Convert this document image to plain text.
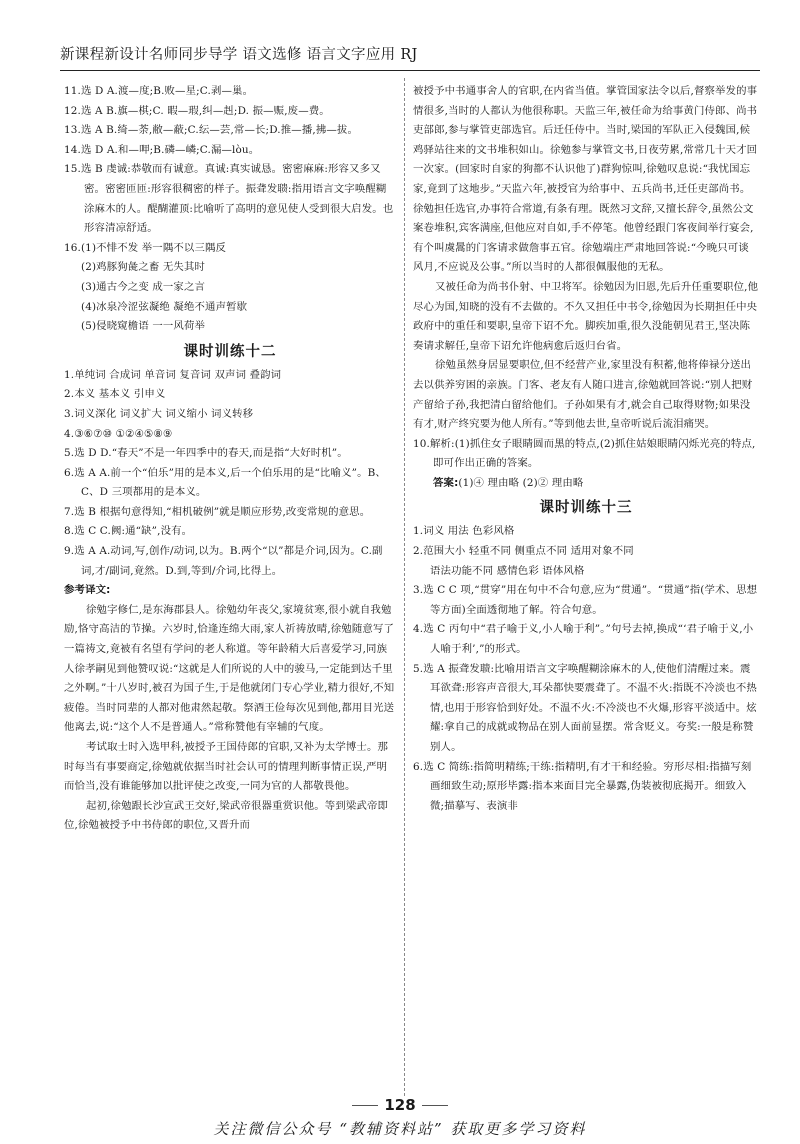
新课程新设计名师同步导学 语文选修 语言文字应用 RJ

11.选 D A.渡—度;B.败—星;C.剥—巢。

12.选 A B.旗—棋;C. 暇—瑕,纠—赳;D. 振—赈,废—费。

13.选 A B.绮—荼,敝—蔽;C.纭—芸,常—长;D.推—播,拂—拔。

14.选 D A.和—呷;B.磷—嶙;C.漏—lòu。

15.选 B 虔诚:恭敬而有诚意。真诚:真实诚恳。密密麻麻:形容又多又密。密密匝匝:形容很稠密的样子。振聋发聩:指用语言文字唤醒糊涂麻木的人。醍醐灌顶:比喻听了高明的意见使人受到很大启发。也形容清凉舒适。

16.(1)不悱不发 举一隅不以三隅反

(2)鸡豚狗彘之畜 无失其时

(3)通古今之变 成一家之言

(4)冰泉冷涩弦凝绝 凝绝不通声暂歇

(5)侵晓窥檐语 一一风荷举

课时训练十二

1.单纯词 合成词 单音词 复音词 双声词 叠韵词

2.本义 基本义 引申义

3.词义深化 词义扩大 词义缩小 词义转移

4.③⑥⑦⑩ ①②④⑤⑧⑨

5.选 D D.“春天”不是一年四季中的春天,而是指“大好时机”。

6.选 A A.前一个“伯乐”用的是本义,后一个伯乐用的是“比喻义”。B、C、D 三项都用的是本义。

7.选 B 根据句意得知,“相机破例”就是顺应形势,改变常规的意思。

8.选 C C.阙:通“缺”,没有。

9.选 A A.动词,写,创作/动词,以为。B.两个“以”都是介词,因为。C.副词,才/副词,竟然。D.到,等到/介词,比得上。

参考译文:

徐勉字修仁,是东海郡县人。徐勉幼年丧父,家境贫寒,很小就自我勉励,恪守高洁的节操。六岁时,恰逢连绵大雨,家人祈祷放晴,徐勉随意写了一篇祷文,竟被有名望有学问的老人称道。等年龄稍大后喜爱学习,同族人徐孝嗣见到他赞叹说:“这就是人们所说的人中的骏马,一定能到达千里之外啊。”十八岁时,被召为国子生,于是他就闭门专心学业,精力很好,不知疲倦。当时同辈的人都对他肃然起敬。祭酒王俭每次见到他,都用目光送他离去,说:“这个人不是普通人。”常称赞他有宰辅的气度。

考试取士时入选甲科,被授予王国侍郎的官职,又补为太学博士。那时每当有事要商定,徐勉就依据当时社会认可的情理判断事情正误,严明而恰当,没有谁能够加以批评使之改变,一同为官的人都敬畏他。

起初,徐勉跟长沙宣武王交好,梁武帝很器重赏识他。等到梁武帝即位,徐勉被授予中书侍郎的职位,又晋升而

被授予中书通事舍人的官职,在内省当值。掌管国家法令以后,督察举发的事情很多,当时的人都认为他很称职。天监三年,被任命为给事黄门侍郎、尚书吏部郎,参与掌管吏部选官。后迁任侍中。当时,梁国的军队正入侵魏国,候鸡驿站往来的文书堆积如山。徐勉参与掌管文书,日夜劳累,常常几十天才回一次家。(回家时自家的狗都不认识他了)群狗惊叫,徐勉叹息说:“我忧国忘家,竟到了这地步。”天监六年,被授官为给事中、五兵尚书,迁任吏部尚书。徐勉担任选官,办事符合常道,有条有理。既然习文辞,又擅长辞令,虽然公文案卷堆积,宾客满座,但他应对自如,手不停笔。他曾经跟门客夜间举行宴会,有个叫虞暠的门客请求做詹事五官。徐勉端庄严肃地回答说:“今晚只可谈风月,不应说及公事。”所以当时的人都很佩服他的无私。

又被任命为尚书仆射、中卫将军。徐勉因为旧恩,先后升任重要职位,他尽心为国,知晓的没有不去做的。不久又担任中书令,徐勉因为长期担任中央政府中的重任和要职,皇帝下诏不允。脚疾加重,很久没能朝见君王,坚决陈奏请求解任,皇帝下诏允许他病愈后返归台省。

徐勉虽然身居显要职位,但不经营产业,家里没有积蓄,他将俸禄分送出去以供养穷困的亲族。门客、老友有人随口进言,徐勉就回答说:“别人把财产留给子孙,我把清白留给他们。子孙如果有才,就会自己取得财物;如果没有才,财产终究要为他人所有。”等到他去世,皇帝听说后流泪痛哭。

10.解析:(1)抓住女子眼睛圆而黑的特点,(2)抓住姑娘眼睛闪烁光亮的特点,即可作出正确的答案。

答案:(1)④ 理由略 (2)② 理由略

课时训练十三

1.词义 用法 色彩风格

2.范围大小 轻重不同 侧重点不同 适用对象不同

语法功能不同 感情色彩 语体风格

3.选 C C 项,“贯穿”用在句中不合句意,应为“贯通”。“贯通”指(学术、思想等方面)全面透彻地了解。符合句意。

4.选 C 丙句中“君子喻于义,小人喻于利”。”句号去掉,换成“‘君子喻于义,小人喻于利’,”的形式。

5.选 A 振聋发聩:比喻用语言文字唤醒糊涂麻木的人,使他们清醒过来。震耳欲聋:形容声音很大,耳朵都快要震聋了。不温不火:指既不冷淡也不热情,也用于形容恰到好处。不温不火:不冷淡也不火爆,形容平淡适中。炫耀:拿自己的成就或物品在别人面前显摆。常含贬义。夸奖:一般是称赞别人。

6.选 C 简练:指简明精练;干练:指精明,有才干和经验。穷形尽相:指描写刻画细致生动;原形毕露:指本来面目完全暴露,伪装被彻底揭开。细致入微;描摹写、表演非

128
关注微信公众号 “教辅资料站” 获取更多学习资料
